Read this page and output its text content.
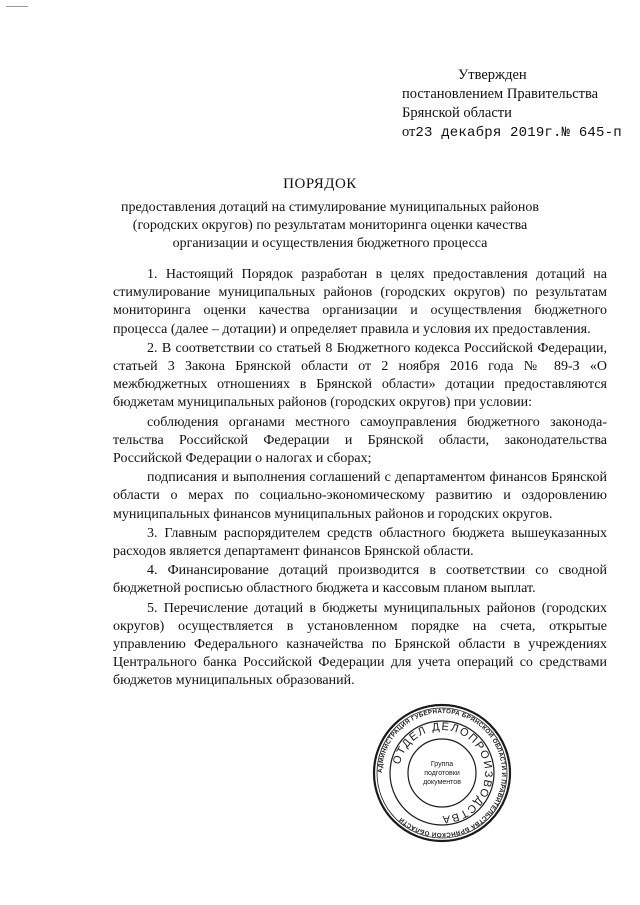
Утвержден
постановлением Правительства
Брянской области
от23 декабря 2019г.№ 645-п
ПОРЯДОК
предоставления дотаций на стимулирование муниципальных районов (городских округов) по результатам мониторинга оценки качества организации и осуществления бюджетного процесса

1. Настоящий Порядок разработан в целях предоставления дотаций на стимулирование муниципальных районов (городских округов) по результатам мониторинга оценки качества организации и осуществления бюджетного процесса (далее – дотации) и определяет правила и условия их предоставления.

2. В соответствии со статьей 8 Бюджетного кодекса Российской Федерации, статьей 3 Закона Брянской области от 2 ноября 2016 года № 89-З «О межбюджетных отношениях в Брянской области» дотации предоставляются бюджетам муниципальных районов (городских округов) при условии:

соблюдения органами местного самоуправления бюджетного законодательства Российской Федерации и Брянской области, законодательства Российской Федерации о налогах и сборах;

подписания и выполнения соглашений с департаментом финансов Брянской области о мерах по социально-экономическому развитию и оздоровлению муниципальных финансов муниципальных районов и городских округов.

3. Главным распорядителем средств областного бюджета вышеуказанных расходов является департамент финансов Брянской области.

4. Финансирование дотаций производится в соответствии со сводной бюджетной росписью областного бюджета и кассовым планом выплат.

5. Перечисление дотаций в бюджеты муниципальных районов (городских округов) осуществляется в установленном порядке на счета, открытые управлению Федерального казначейства по Брянской области в учреждениях Центрального банка Российской Федерации для учета операций со средствами бюджетов муниципальных образований.

АДМИНИСТРАЦИЯ ГУБЕРНАТОРА БРЯНСКОЙ ОБЛАСТИ И ПРАВИТЕЛЬСТВА БРЯНСКОЙ ОБЛАСТИ
ОТДЕЛ ДЕЛОПРОИЗВОДСТВА
Группа
подготовки
документов
